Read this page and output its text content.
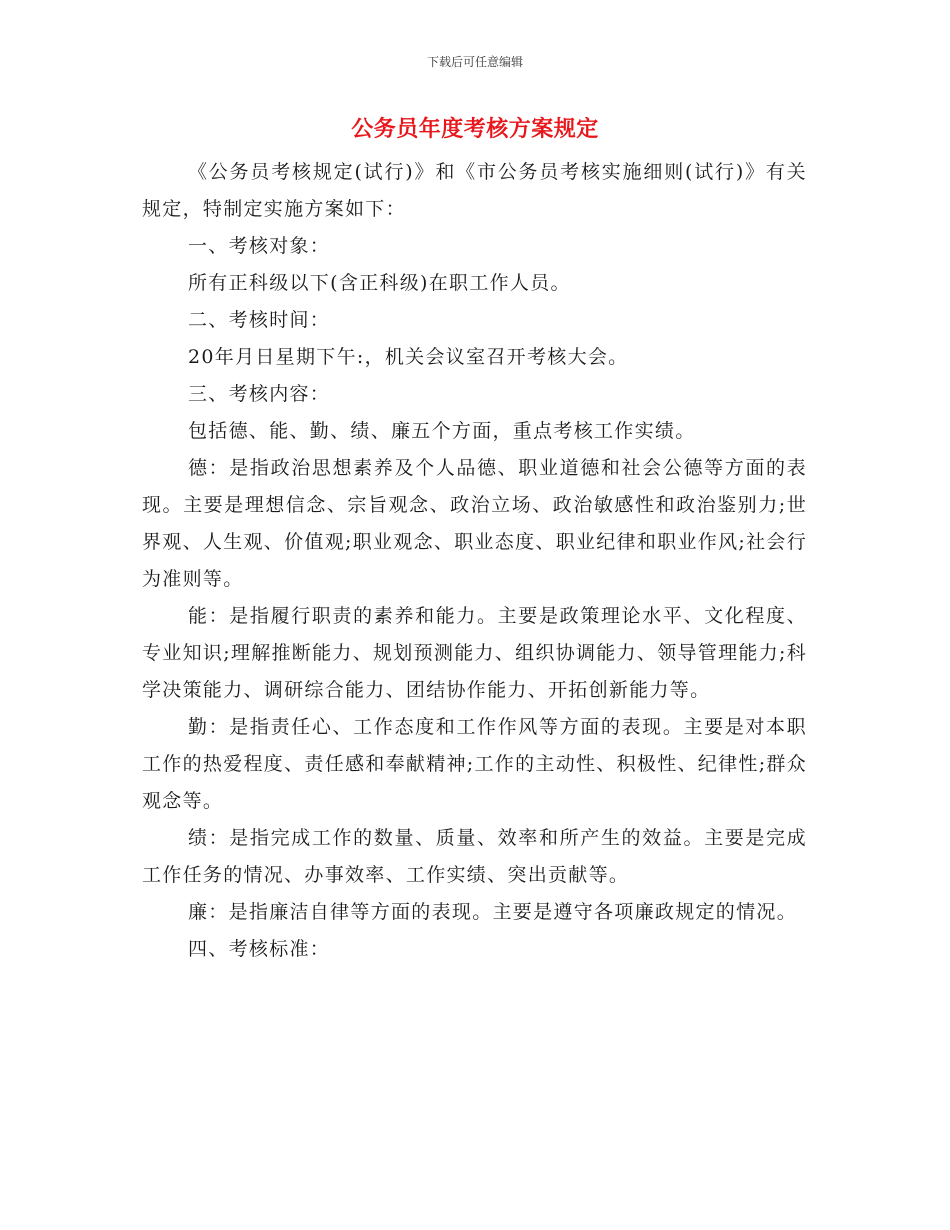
下载后可任意编辑
公务员年度考核方案规定

《公务员考核规定(试行)》和《市公务员考核实施细则(试行)》有关规定，特制定实施方案如下：

一、考核对象：

所有正科级以下(含正科级)在职工作人员。

二、考核时间：

20年月日星期下午:，机关会议室召开考核大会。

三、考核内容：

包括德、能、勤、绩、廉五个方面，重点考核工作实绩。

德：是指政治思想素养及个人品德、职业道德和社会公德等方面的表现。主要是理想信念、宗旨观念、政治立场、政治敏感性和政治鉴别力;世界观、人生观、价值观;职业观念、职业态度、职业纪律和职业作风;社会行为准则等。

能：是指履行职责的素养和能力。主要是政策理论水平、文化程度、专业知识;理解推断能力、规划预测能力、组织协调能力、领导管理能力;科学决策能力、调研综合能力、团结协作能力、开拓创新能力等。

勤：是指责任心、工作态度和工作作风等方面的表现。主要是对本职工作的热爱程度、责任感和奉献精神;工作的主动性、积极性、纪律性;群众观念等。

绩：是指完成工作的数量、质量、效率和所产生的效益。主要是完成工作任务的情况、办事效率、工作实绩、突出贡献等。

廉：是指廉洁自律等方面的表现。主要是遵守各项廉政规定的情况。

四、考核标准：
